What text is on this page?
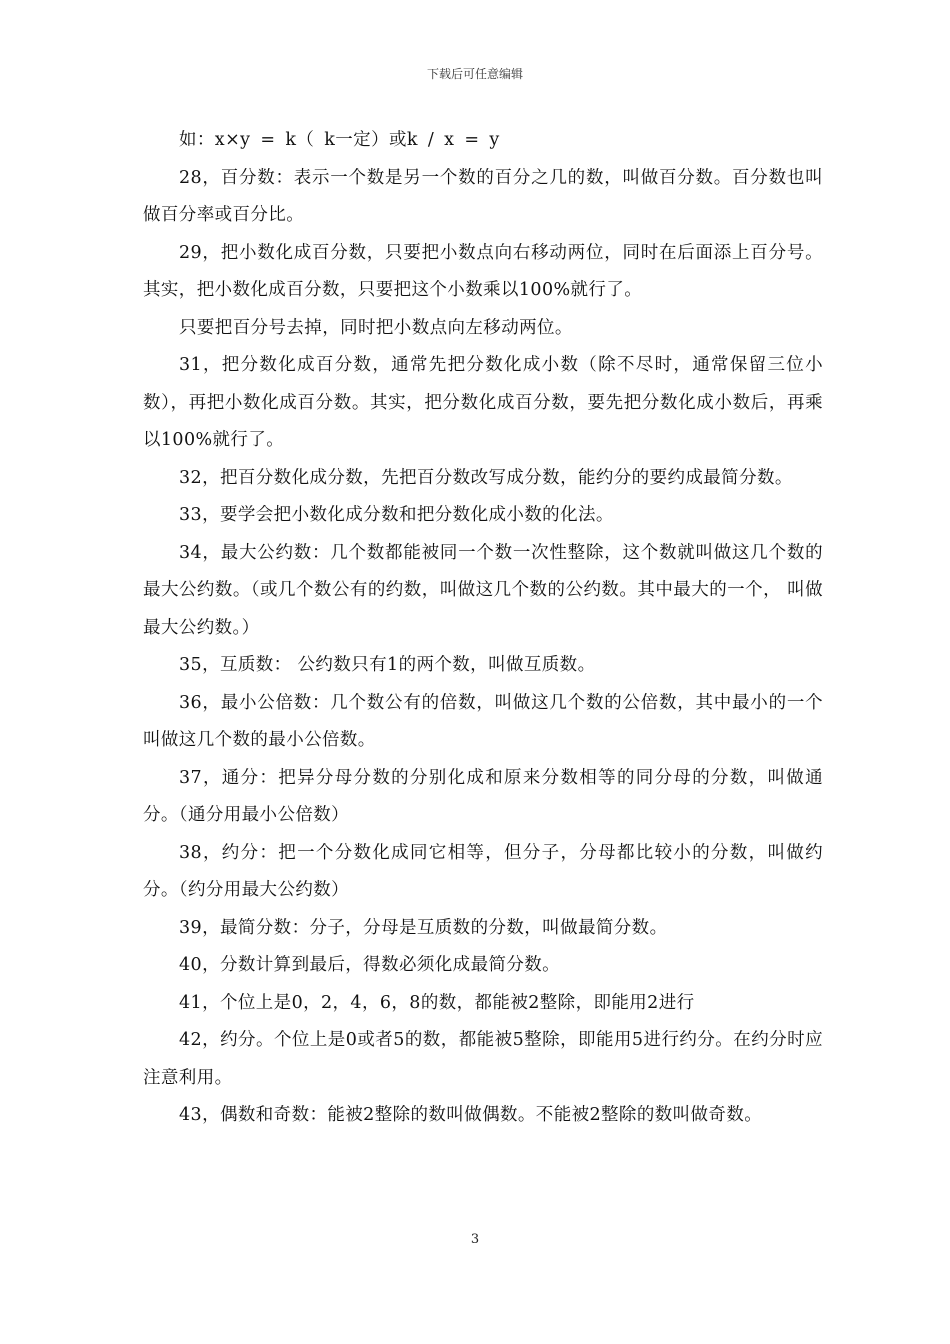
下载后可任意编辑

如：x×y = k（ k一定）或k / x = y

28，百分数：表示一个数是另一个数的百分之几的数，叫做百分数。百分数也叫做百分率或百分比。

29，把小数化成百分数，只要把小数点向右移动两位，同时在后面添上百分号。其实，把小数化成百分数，只要把这个小数乘以100%就行了。

只要把百分号去掉，同时把小数点向左移动两位。

31，把分数化成百分数，通常先把分数化成小数（除不尽时，通常保留三位小数），再把小数化成百分数。其实，把分数化成百分数，要先把分数化成小数后，再乘以100%就行了。

32，把百分数化成分数，先把百分数改写成分数，能约分的要约成最简分数。

33，要学会把小数化成分数和把分数化成小数的化法。

34，最大公约数：几个数都能被同一个数一次性整除，这个数就叫做这几个数的最大公约数。（或几个数公有的约数，叫做这几个数的公约数。其中最大的一个， 叫做最大公约数。）

35，互质数： 公约数只有1的两个数，叫做互质数。

36，最小公倍数：几个数公有的倍数，叫做这几个数的公倍数，其中最小的一个叫做这几个数的最小公倍数。

37，通分：把异分母分数的分别化成和原来分数相等的同分母的分数，叫做通分。（通分用最小公倍数）

38，约分：把一个分数化成同它相等，但分子，分母都比较小的分数，叫做约分。（约分用最大公约数）

39，最简分数：分子，分母是互质数的分数，叫做最简分数。

40，分数计算到最后，得数必须化成最简分数。

41，个位上是0，2，4，6，8的数，都能被2整除，即能用2进行

42，约分。个位上是0或者5的数，都能被5整除，即能用5进行约分。在约分时应注意利用。

43，偶数和奇数：能被2整除的数叫做偶数。不能被2整除的数叫做奇数。

3
